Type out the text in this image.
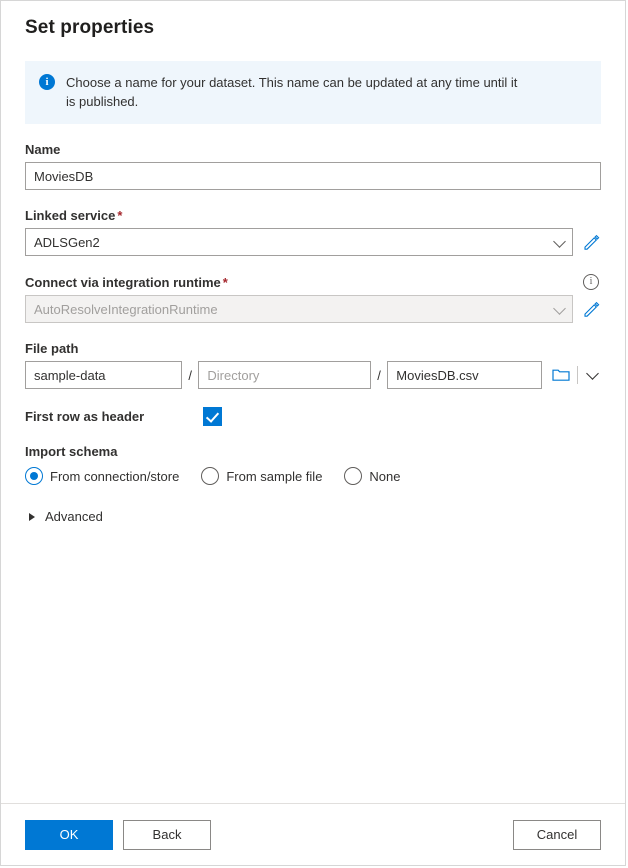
Set properties
i	Choose a name for your dataset. This name can be updated at any time until it is published.
Name
MoviesDB
Linked service *
ADLSGen2
Connect via integration runtime *	i
AutoResolveIntegrationRuntime
File path
sample-data	/	Directory	/	MoviesDB.csv
First row as header
Import schema
From connection/store	From sample file	None
Advanced
OK	Back	Cancel
